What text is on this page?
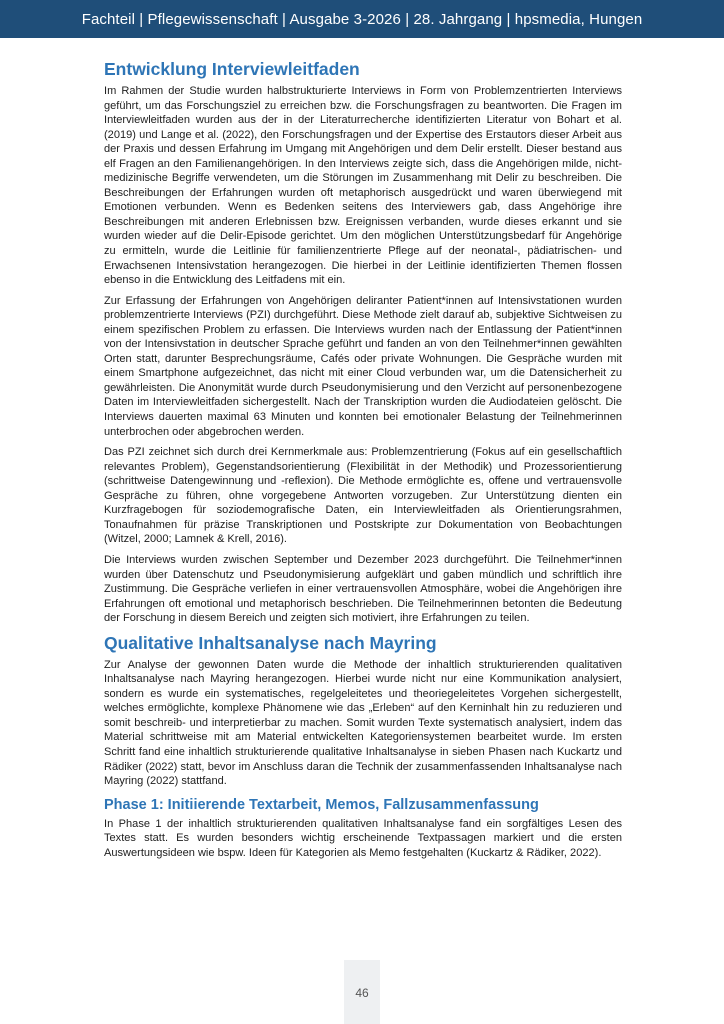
Fachteil | Pflegewissenschaft | Ausgabe 3-2026 | 28. Jahrgang | hpsmedia, Hungen
Entwicklung Interviewleitfaden

Im Rahmen der Studie wurden halbstrukturierte Interviews in Form von Problemzentrierten Interviews geführt, um das Forschungsziel zu erreichen bzw. die Forschungsfragen zu beantworten. Die Fragen im Interviewleitfaden wurden aus der in der Literaturrecherche identifizierten Literatur von Bohart et al. (2019) und Lange et al. (2022), den Forschungsfragen und der Expertise des Erstautors dieser Arbeit aus der Praxis und dessen Erfahrung im Umgang mit Angehörigen und dem Delir erstellt. Dieser bestand aus elf Fragen an den Familienangehörigen. In den Interviews zeigte sich, dass die Angehörigen milde, nicht-medizinische Begriffe verwendeten, um die Störungen im Zusammenhang mit Delir zu beschreiben. Die Beschreibungen der Erfahrungen wurden oft metaphorisch ausgedrückt und waren überwiegend mit Emotionen verbunden. Wenn es Bedenken seitens des Interviewers gab, dass Angehörige ihre Beschreibungen mit anderen Erlebnissen bzw. Ereignissen verbanden, wurde dieses erkannt und sie wurden wieder auf die Delir-Episode gerichtet. Um den möglichen Unterstützungsbedarf für Angehörige zu ermitteln, wurde die Leitlinie für familienzentrierte Pflege auf der neonatal-, pädiatrischen- und Erwachsenen Intensivstation herangezogen. Die hierbei in der Leitlinie identifizierten Themen flossen ebenso in die Entwicklung des Leitfadens mit ein.

Zur Erfassung der Erfahrungen von Angehörigen deliranter Patient*innen auf Intensivstationen wurden problemzentrierte Interviews (PZI) durchgeführt. Diese Methode zielt darauf ab, subjektive Sichtweisen zu einem spezifischen Problem zu erfassen. Die Interviews wurden nach der Entlassung der Patient*innen von der Intensivstation in deutscher Sprache geführt und fanden an von den Teilnehmer*innen gewählten Orten statt, darunter Besprechungsräume, Cafés oder private Wohnungen. Die Gespräche wurden mit einem Smartphone aufgezeichnet, das nicht mit einer Cloud verbunden war, um die Datensicherheit zu gewährleisten. Die Anonymität wurde durch Pseudonymisierung und den Verzicht auf personenbezogene Daten im Interviewleitfaden sichergestellt. Nach der Transkription wurden die Audiodateien gelöscht. Die Interviews dauerten maximal 63 Minuten und konnten bei emotionaler Belastung der Teilnehmerinnen unterbrochen oder abgebrochen werden.

Das PZI zeichnet sich durch drei Kernmerkmale aus: Problemzentrierung (Fokus auf ein gesellschaftlich relevantes Problem), Gegenstandsorientierung (Flexibilität in der Methodik) und Prozessorientierung (schrittweise Datengewinnung und -reflexion). Die Methode ermöglichte es, offene und vertrauensvolle Gespräche zu führen, ohne vorgegebene Antworten vorzugeben. Zur Unterstützung dienten ein Kurzfragebogen für soziodemografische Daten, ein Interviewleitfaden als Orientierungsrahmen, Tonaufnahmen für präzise Transkriptionen und Postskripte zur Dokumentation von Beobachtungen (Witzel, 2000; Lamnek & Krell, 2016).

Die Interviews wurden zwischen September und Dezember 2023 durchgeführt. Die Teilnehmer*innen wurden über Datenschutz und Pseudonymisierung aufgeklärt und gaben mündlich und schriftlich ihre Zustimmung. Die Gespräche verliefen in einer vertrauensvollen Atmosphäre, wobei die Angehörigen ihre Erfahrungen oft emotional und metaphorisch beschrieben. Die Teilnehmerinnen betonten die Bedeutung der Forschung in diesem Bereich und zeigten sich motiviert, ihre Erfahrungen zu teilen.

Qualitative Inhaltsanalyse nach Mayring

Zur Analyse der gewonnen Daten wurde die Methode der inhaltlich strukturierenden qualitativen Inhaltsanalyse nach Mayring herangezogen. Hierbei wurde nicht nur eine Kommunikation analysiert, sondern es wurde ein systematisches, regelgeleitetes und theoriegeleitetes Vorgehen sichergestellt, welches ermöglichte, komplexe Phänomene wie das „Erleben“ auf den Kerninhalt hin zu reduzieren und somit beschreib- und interpretierbar zu machen. Somit wurden Texte systematisch analysiert, indem das Material schrittweise mit am Material entwickelten Kategoriensystemen bearbeitet wurde. Im ersten Schritt fand eine inhaltlich strukturierende qualitative Inhaltsanalyse in sieben Phasen nach Kuckartz und Rädiker (2022) statt, bevor im Anschluss daran die Technik der zusammenfassenden Inhaltsanalyse nach Mayring (2022) stattfand.

Phase 1: Initiierende Textarbeit, Memos, Fallzusammenfassung

In Phase 1 der inhaltlich strukturierenden qualitativen Inhaltsanalyse fand ein sorgfältiges Lesen des Textes statt. Es wurden besonders wichtig erscheinende Textpassagen markiert und die ersten Auswertungsideen wie bspw. Ideen für Kategorien als Memo festgehalten (Kuckartz & Rädiker, 2022).

46
